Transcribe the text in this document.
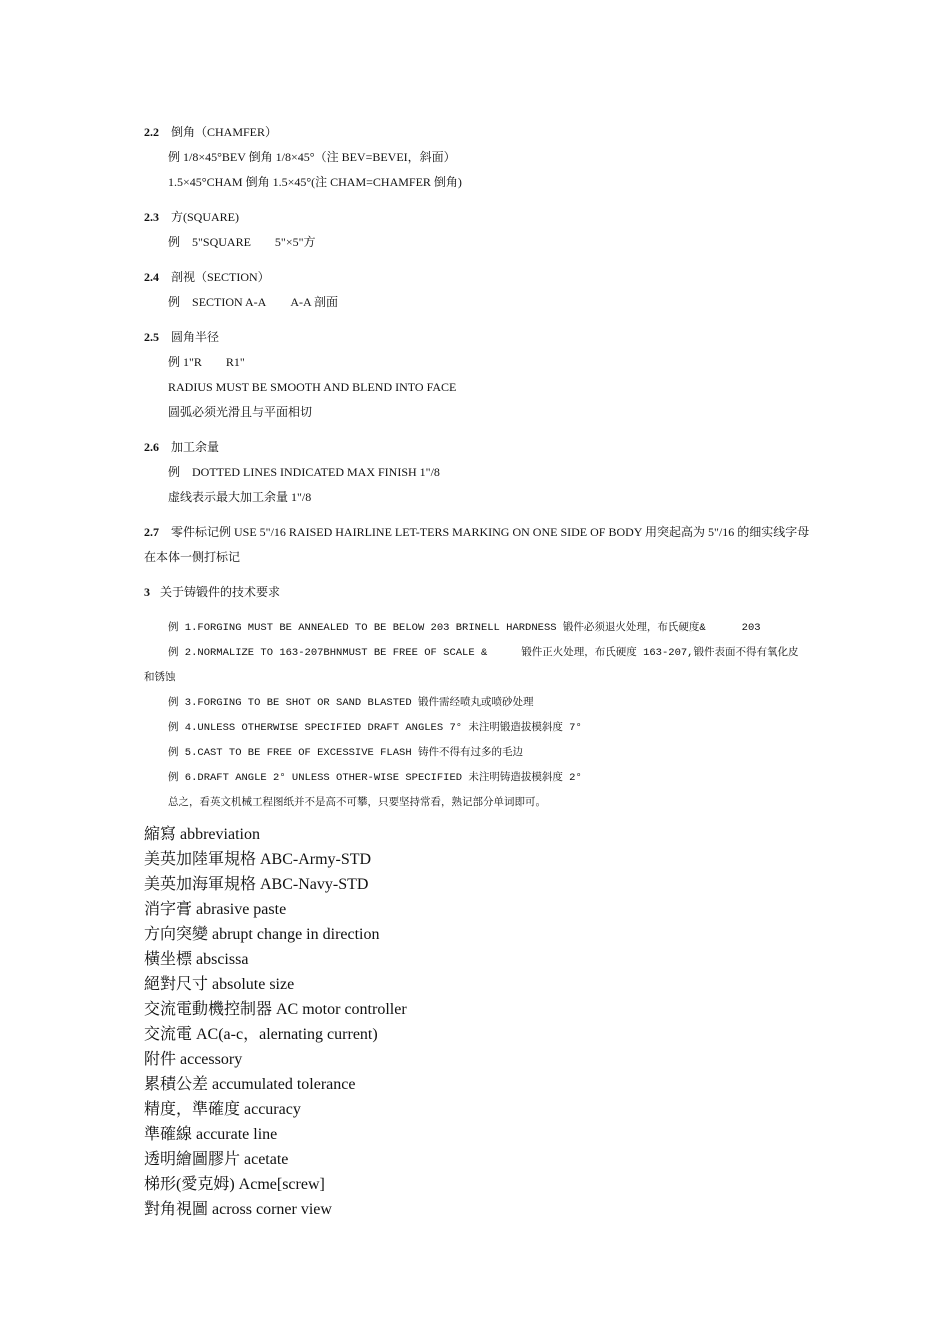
2.2 倒角（CHAMFER）
例 1/8×45°BEV 倒角 1/8×45°（注 BEV=BEVEI，斜面）
1.5×45°CHAM 倒角 1.5×45°(注 CHAM=CHAMFER 倒角)
2.3 方(SQUARE)
例 5"SQUARE 5"×5"方
2.4 剖视（SECTION）
例 SECTION A-A A-A 剖面
2.5 圆角半径
例 1"R R1"
RADIUS MUST BE SMOOTH AND BLEND INTO FACE
圆弧必须光滑且与平面相切
2.6 加工余量
例 DOTTED LINES INDICATED MAX FINISH 1"/8
虚线表示最大加工余量 1"/8
2.7 零件标记例 USE 5"/16 RAISED HAIRLINE LET-TERS MARKING ON ONE SIDE OF BODY 用突起高为 5"/16 的细实线字母
在本体一侧打标记
3 关于铸锻件的技术要求
例 1.FORGING MUST BE ANNEALED TO BE BELOW 203 BRINELL HARDNESS 锻件必须退火处理，布氏硬度&	203
例 2.NORMALIZE TO 163-207BHNMUST BE FREE OF SCALE &	锻件正火处理，布氏硬度 163-207,锻件表面不得有氧化皮
和锈蚀
例 3.FORGING TO BE SHOT OR SAND BLASTED 锻件需经喷丸或喷砂处理
例 4.UNLESS OTHERWISE SPECIFIED DRAFT ANGLES 7° 未注明锻造拔模斜度 7°
例 5.CAST TO BE FREE OF EXCESSIVE FLASH 铸件不得有过多的毛边
例 6.DRAFT ANGLE 2° UNLESS OTHER-WISE SPECIFIED 未注明铸造拔模斜度 2°
总之，看英文机械工程图纸并不是高不可攀，只要坚持常看，熟记部分单词即可。
縮寫 abbreviation
美英加陸軍規格 ABC-Army-STD
美英加海軍規格 ABC-Navy-STD
消字膏 abrasive paste
方向突變 abrupt change in direction
橫坐標 abscissa
絕對尺寸 absolute size
交流電動機控制器 AC motor controller
交流電 AC(a-c，alernating current)
附件 accessory
累積公差 accumulated tolerance
精度，準確度 accuracy
準確線 accurate line
透明繪圖膠片 acetate
梯形(愛克姆) Acme[screw]
對角視圖 across corner view
